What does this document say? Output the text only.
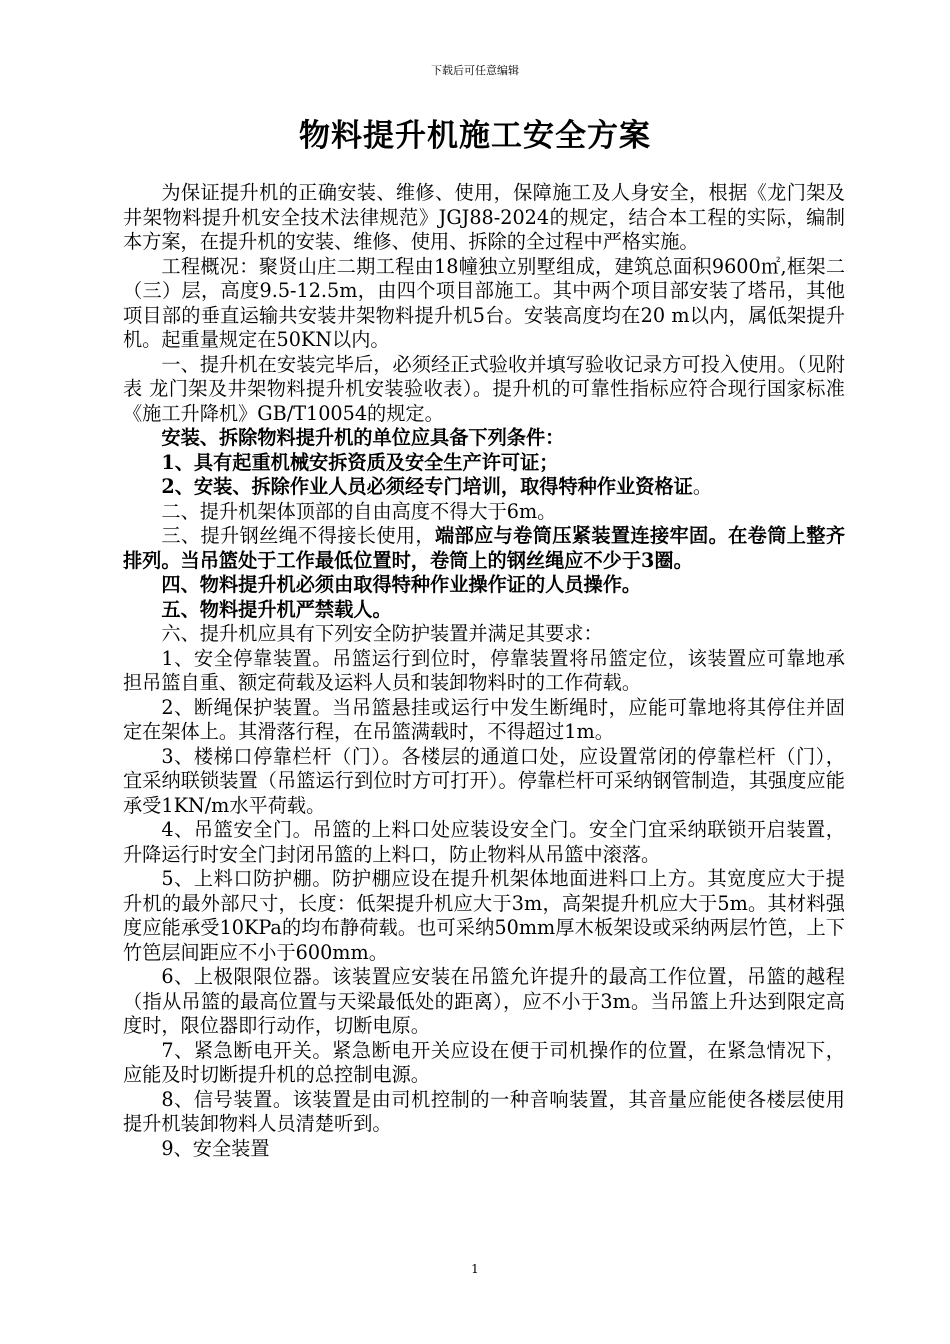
下载后可任意编辑
物料提升机施工安全方案

为保证提升机的正确安装、维修、使用，保障施工及人身安全，根据《龙门架及井架物料提升机安全技术法律规范》JGJ88-2024的规定，结合本工程的实际，编制本方案，在提升机的安装、维修、使用、拆除的全过程中严格实施。

工程概况：聚贤山庄二期工程由18幢独立别墅组成，建筑总面积9600㎡,框架二（三）层，高度9.5-12.5m，由四个项目部施工。其中两个项目部安装了塔吊，其他项目部的垂直运输共安装井架物料提升机5台。安装高度均在20 m以内，属低架提升机。起重量规定在50KN以内。

一、提升机在安装完毕后，必须经正式验收并填写验收记录方可投入使用。（见附表 龙门架及井架物料提升机安装验收表）。提升机的可靠性指标应符合现行国家标准《施工升降机》GB/T10054的规定。

安装、拆除物料提升机的单位应具备下列条件：

1、具有起重机械安拆资质及安全生产许可证；

2、安装、拆除作业人员必须经专门培训，取得特种作业资格证。

二、提升机架体顶部的自由高度不得大于6m。

三、提升钢丝绳不得接长使用，端部应与卷筒压紧装置连接牢固。在卷筒上整齐排列。当吊篮处于工作最低位置时，卷筒上的钢丝绳应不少于3圈。

四、物料提升机必须由取得特种作业操作证的人员操作。

五、物料提升机严禁载人。

六、提升机应具有下列安全防护装置并满足其要求：

1、安全停靠装置。吊篮运行到位时，停靠装置将吊篮定位，该装置应可靠地承担吊篮自重、额定荷载及运料人员和装卸物料时的工作荷载。

2、断绳保护装置。当吊篮悬挂或运行中发生断绳时，应能可靠地将其停住并固定在架体上。其滑落行程，在吊篮满载时，不得超过1m。

3、楼梯口停靠栏杆（门）。各楼层的通道口处，应设置常闭的停靠栏杆（门），宜采纳联锁装置（吊篮运行到位时方可打开）。停靠栏杆可采纳钢管制造，其强度应能承受1KN/m水平荷载。

4、吊篮安全门。吊篮的上料口处应装设安全门。安全门宜采纳联锁开启装置，升降运行时安全门封闭吊篮的上料口，防止物料从吊篮中滚落。

5、上料口防护棚。防护棚应设在提升机架体地面进料口上方。其宽度应大于提升机的最外部尺寸，长度：低架提升机应大于3m，高架提升机应大于5m。其材料强度应能承受10KPa的均布静荷载。也可采纳50mm厚木板架设或采纳两层竹笆，上下竹笆层间距应不小于600mm。

6、上极限限位器。该装置应安装在吊篮允许提升的最高工作位置，吊篮的越程（指从吊篮的最高位置与天梁最低处的距离），应不小于3m。当吊篮上升达到限定高度时，限位器即行动作，切断电原。

7、紧急断电开关。紧急断电开关应设在便于司机操作的位置，在紧急情况下，应能及时切断提升机的总控制电源。

8、信号装置。该装置是由司机控制的一种音响装置，其音量应能使各楼层使用提升机装卸物料人员清楚听到。

9、安全装置

1
